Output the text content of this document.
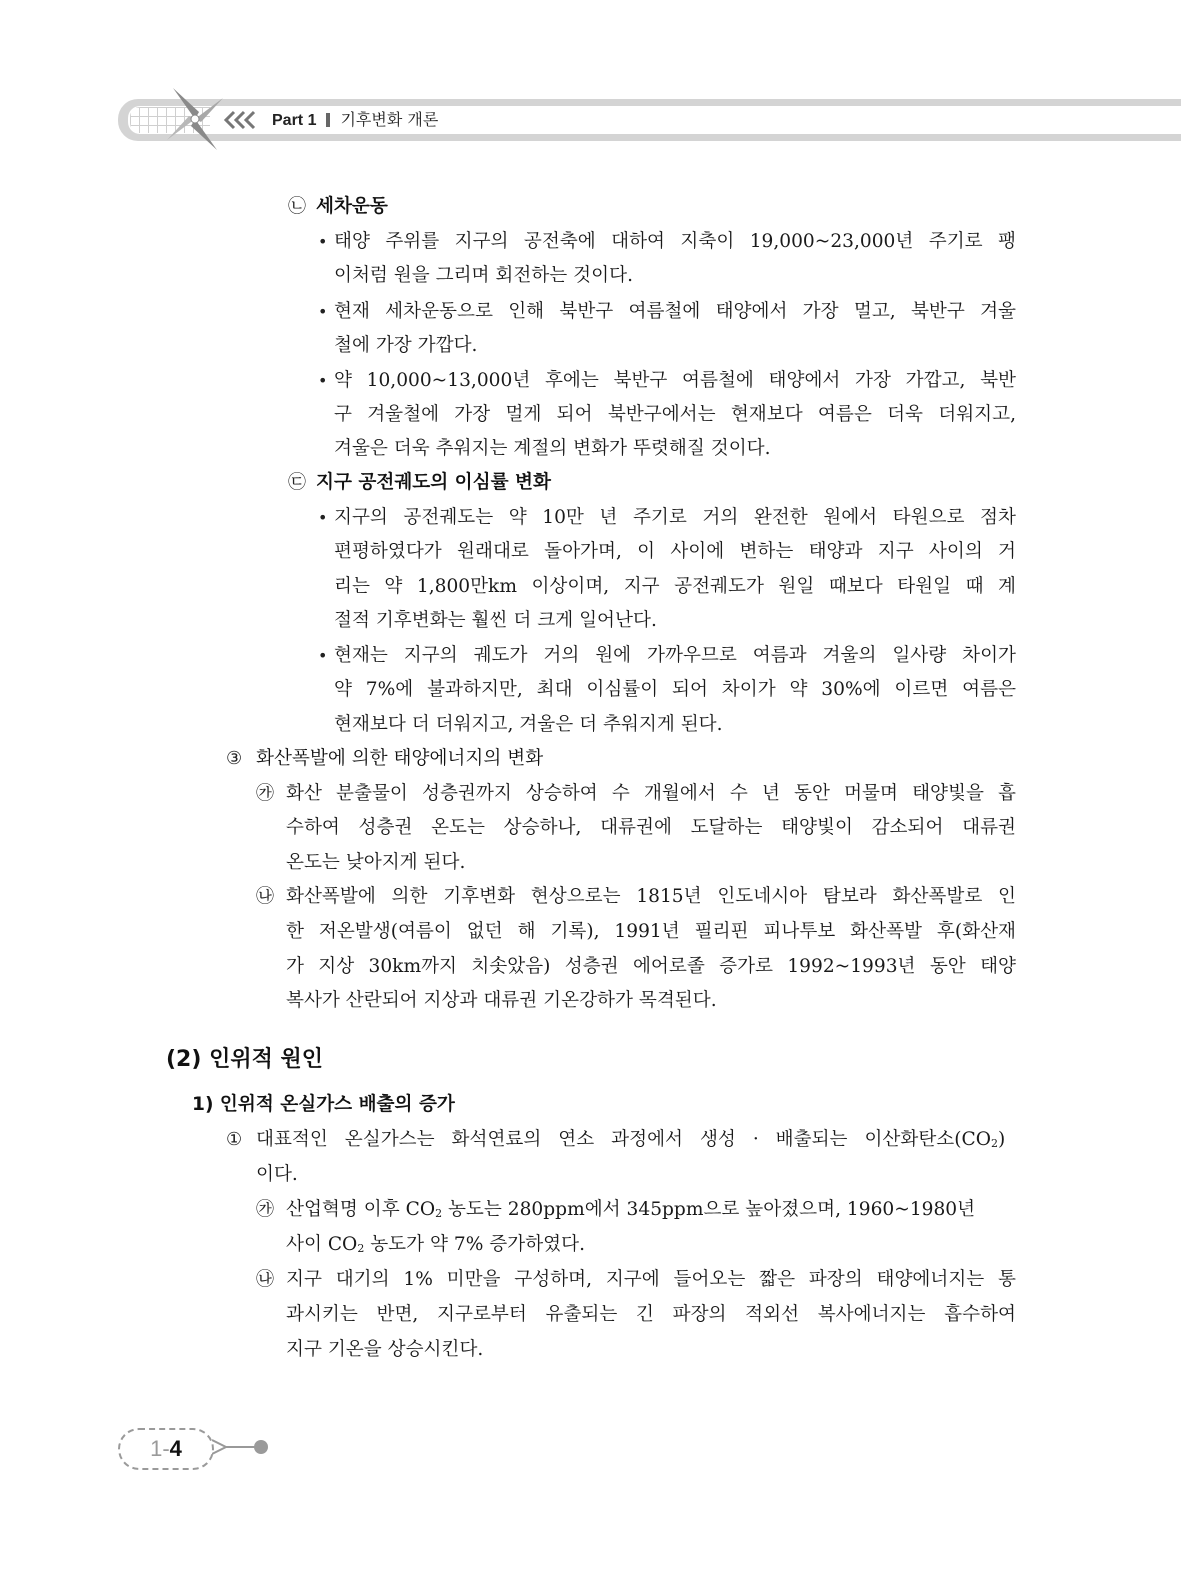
Part 1 기후변화 개론
㉡ 세차운동
• 태양 주위를 지구의 공전축에 대하여 지축이 19,000~23,000년 주기로 팽
이처럼 원을 그리며 회전하는 것이다.
• 현재 세차운동으로 인해 북반구 여름철에 태양에서 가장 멀고, 북반구 겨울
철에 가장 가깝다.
• 약 10,000~13,000년 후에는 북반구 여름철에 태양에서 가장 가깝고, 북반
구 겨울철에 가장 멀게 되어 북반구에서는 현재보다 여름은 더욱 더워지고,
겨울은 더욱 추워지는 계절의 변화가 뚜렷해질 것이다.
㉢ 지구 공전궤도의 이심률 변화
• 지구의 공전궤도는 약 10만 년 주기로 거의 완전한 원에서 타원으로 점차
편평하였다가 원래대로 돌아가며, 이 사이에 변하는 태양과 지구 사이의 거
리는 약 1,800만km 이상이며, 지구 공전궤도가 원일 때보다 타원일 때 계
절적 기후변화는 훨씬 더 크게 일어난다.
• 현재는 지구의 궤도가 거의 원에 가까우므로 여름과 겨울의 일사량 차이가
약 7%에 불과하지만, 최대 이심률이 되어 차이가 약 30%에 이르면 여름은
현재보다 더 더워지고, 겨울은 더 추워지게 된다.
③ 화산폭발에 의한 태양에너지의 변화
㉮ 화산 분출물이 성층권까지 상승하여 수 개월에서 수 년 동안 머물며 태양빛을 흡
수하여 성층권 온도는 상승하나, 대류권에 도달하는 태양빛이 감소되어 대류권
온도는 낮아지게 된다.
㉯ 화산폭발에 의한 기후변화 현상으로는 1815년 인도네시아 탐보라 화산폭발로 인
한 저온발생(여름이 없던 해 기록), 1991년 필리핀 피나투보 화산폭발 후(화산재
가 지상 30km까지 치솟았음) 성층권 에어로졸 증가로 1992~1993년 동안 태양
복사가 산란되어 지상과 대류권 기온강하가 목격된다.
(2) 인위적 원인
1) 인위적 온실가스 배출의 증가
① 대표적인 온실가스는 화석연료의 연소 과정에서 생성 · 배출되는 이산화탄소$(CO_2)$
이다.
㉮ 산업혁명 이후 $CO_2$ 농도는 280ppm에서 345ppm으로 높아졌으며, 1960~1980년
사이 $CO_2$ 농도가 약 7% 증가하였다.
㉯ 지구 대기의 1% 미만을 구성하며, 지구에 들어오는 짧은 파장의 태양에너지는 통
과시키는 반면, 지구로부터 유출되는 긴 파장의 적외선 복사에너지는 흡수하여
지구 기온을 상승시킨다.
1-4
